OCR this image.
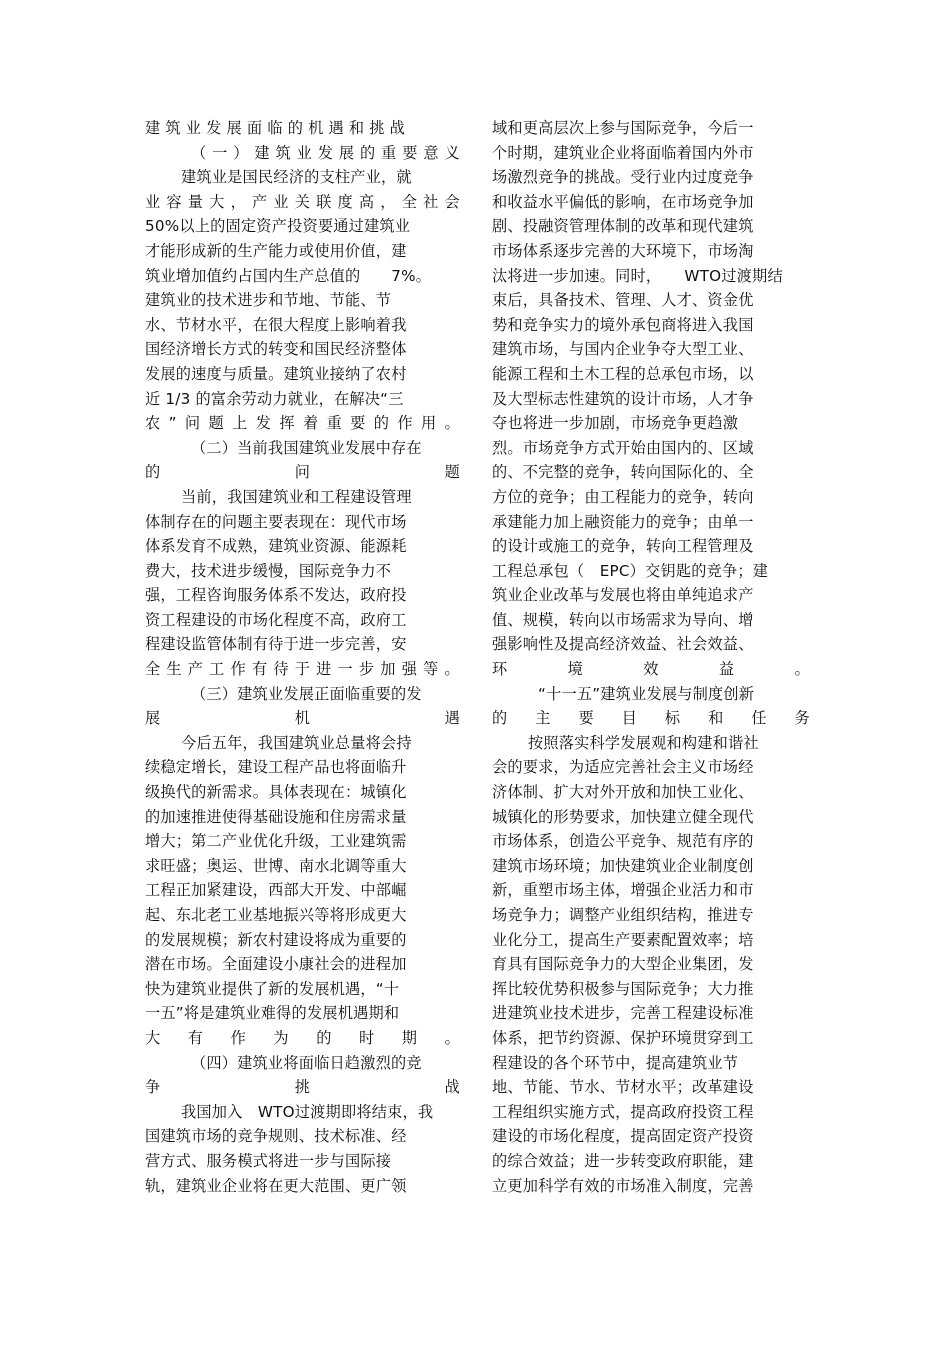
建筑业发展面临的机遇和挑战
（ 一 ） 建 筑 业 发 展 的 重 要 意 义
建筑业是国民经济的支柱产业，就
业 容 量 大 ， 产 业 关 联 度 高 ， 全 社 会
50%以上的固定资产投资要通过建筑业
才能形成新的生产能力或使用价值，建
筑业增加值约占国内生产总值的　　7%。
建筑业的技术进步和节地、节能、节
水、节材水平，在很大程度上影响着我
国经济增长方式的转变和国民经济整体
发展的速度与质量。建筑业接纳了农村
近 1/3 的富余劳动力就业，在解决“三
农 ” 问 题 上 发 挥 着 重 要 的 作 用 。
（二）当前我国建筑业发展中存在
的	问	题
当前，我国建筑业和工程建设管理
体制存在的问题主要表现在：现代市场
体系发育不成熟，建筑业资源、能源耗
费大，技术进步缓慢，国际竞争力不
强，工程咨询服务体系不发达，政府投
资工程建设的市场化程度不高，政府工
程建设监管体制有待于进一步完善，安
全 生 产 工 作 有 待 于 进 一 步 加 强 等 。
（三）建筑业发展正面临重要的发
展	机	遇
今后五年，我国建筑业总量将会持
续稳定增长，建设工程产品也将面临升
级换代的新需求。具体表现在：城镇化
的加速推进使得基础设施和住房需求量
增大；第二产业优化升级，工业建筑需
求旺盛；奥运、世博、南水北调等重大
工程正加紧建设，西部大开发、中部崛
起、东北老工业基地振兴等将形成更大
的发展规模；新农村建设将成为重要的
潜在市场。全面建设小康社会的进程加
快为建筑业提供了新的发展机遇，“十
一五”将是建筑业难得的发展机遇期和
大 有 作 为 的 时 期 。
（四）建筑业将面临日趋激烈的竞
争	挑	战
我国加入　WTO过渡期即将结束，我
国建筑市场的竞争规则、技术标准、经
营方式、服务模式将进一步与国际接
轨，建筑业企业将在更大范围、更广领
域和更高层次上参与国际竞争，今后一
个时期，建筑业企业将面临着国内外市
场激烈竞争的挑战。受行业内过度竞争
和收益水平偏低的影响，在市场竞争加
剧、投融资管理体制的改革和现代建筑
市场体系逐步完善的大环境下，市场淘
汰将进一步加速。同时，　　WTO过渡期结
束后，具备技术、管理、人才、资金优
势和竞争实力的境外承包商将进入我国
建筑市场，与国内企业争夺大型工业、
能源工程和土木工程的总承包市场，以
及大型标志性建筑的设计市场，人才争
夺也将进一步加剧，市场竞争更趋激
烈。市场竞争方式开始由国内的、区域
的、不完整的竞争，转向国际化的、全
方位的竞争；由工程能力的竞争，转向
承建能力加上融资能力的竞争；由单一
的设计或施工的竞争，转向工程管理及
工程总承包（　EPC）交钥匙的竞争；建
筑业企业改革与发展也将由单纯追求产
值、规模，转向以市场需求为导向、增
强影响性及提高经济效益、社会效益、
环	境	效	益	。
“十一五”建筑业发展与制度创新
的 主 要 目 标 和 任 务
按照落实科学发展观和构建和谐社
会的要求，为适应完善社会主义市场经
济体制、扩大对外开放和加快工业化、
城镇化的形势要求，加快建立健全现代
市场体系，创造公平竞争、规范有序的
建筑市场环境；加快建筑业企业制度创
新，重塑市场主体，增强企业活力和市
场竞争力；调整产业组织结构，推进专
业化分工，提高生产要素配置效率；培
育具有国际竞争力的大型企业集团，发
挥比较优势积极参与国际竞争；大力推
进建筑业技术进步，完善工程建设标准
体系，把节约资源、保护环境贯穿到工
程建设的各个环节中，提高建筑业节
地、节能、节水、节材水平；改革建设
工程组织实施方式，提高政府投资工程
建设的市场化程度，提高固定资产投资
的综合效益；进一步转变政府职能，建
立更加科学有效的市场准入制度，完善
